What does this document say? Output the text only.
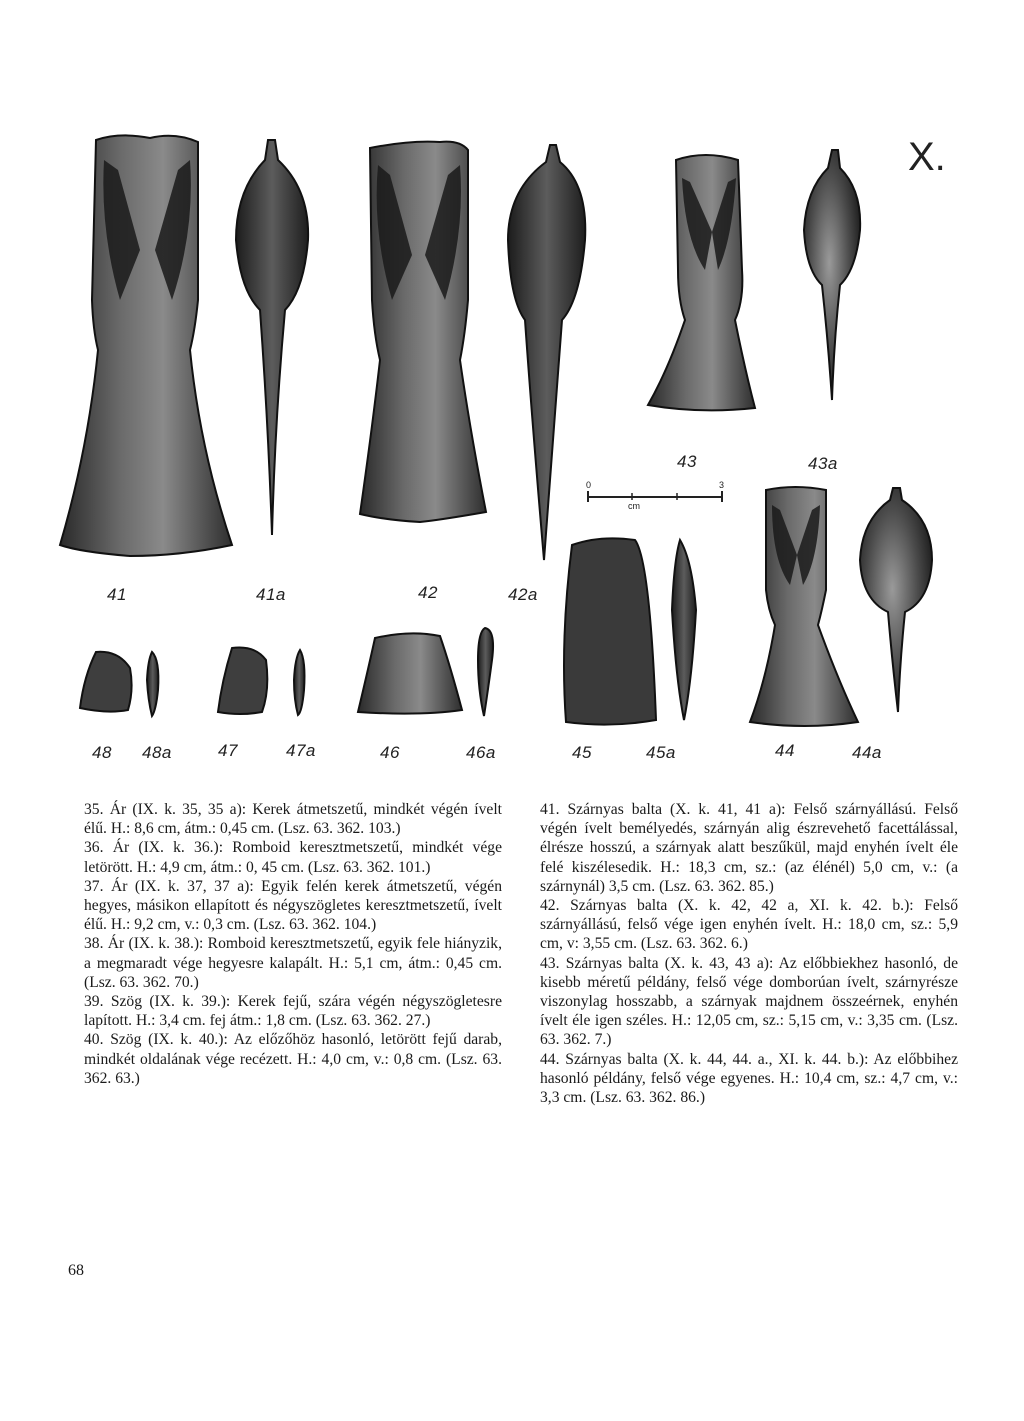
X.
0
cm
3
41	41a	42	42a
43	43a
48 48a	47	47a	46	46a	45	45a	44	44a

35. Ár (IX. k. 35, 35 a): Kerek átmetszetű, mindkét végén ívelt élű. H.: 8,6 cm, átm.: 0,45 cm. (Lsz. 63. 362. 103.)

36. Ár (IX. k. 36.): Romboid keresztmetszetű, mindkét vége letörött. H.: 4,9 cm, átm.: 0, 45 cm. (Lsz. 63. 362. 101.)

37. Ár (IX. k. 37, 37 a): Egyik felén kerek átmetszetű, végén hegyes, másikon ellapított és négyszögletes keresztmetszetű, ívelt élű. H.: 9,2 cm, v.: 0,3 cm. (Lsz. 63. 362. 104.)

38. Ár (IX. k. 38.): Romboid keresztmetszetű, egyik fele hiányzik, a megmaradt vége hegyesre kalapált. H.: 5,1 cm, átm.: 0,45 cm. (Lsz. 63. 362. 70.)

39. Szög (IX. k. 39.): Kerek fejű, szára végén négyszögletesre lapított. H.: 3,4 cm. fej átm.: 1,8 cm. (Lsz. 63. 362. 27.)

40. Szög (IX. k. 40.): Az előzőhöz hasonló, letörött fejű darab, mindkét oldalának vége recézett. H.: 4,0 cm, v.: 0,8 cm. (Lsz. 63. 362. 63.)

41. Szárnyas balta (X. k. 41, 41 a): Felső szárnyállású. Felső végén ívelt bemélyedés, szárnyán alig észrevehető facettálással, élrésze hosszú, a szárnyak alatt beszűkül, majd enyhén ívelt éle felé kiszélesedik. H.: 18,3 cm, sz.: (az élénél) 5,0 cm, v.: (a szárnynál) 3,5 cm. (Lsz. 63. 362. 85.)

42. Szárnyas balta (X. k. 42, 42 a, XI. k. 42. b.): Felső szárnyállású, felső vége igen enyhén ívelt. H.: 18,0 cm, sz.: 5,9 cm, v: 3,55 cm. (Lsz. 63. 362. 6.)

43. Szárnyas balta (X. k. 43, 43 a): Az előbbiekhez hasonló, de kisebb méretű példány, felső vége domborúan ívelt, szárnyrésze viszonylag hosszabb, a szárnyak majdnem összeérnek, enyhén ívelt éle igen széles. H.: 12,05 cm, sz.: 5,15 cm, v.: 3,35 cm. (Lsz. 63. 362. 7.)

44. Szárnyas balta (X. k. 44, 44. a., XI. k. 44. b.): Az előbbihez hasonló példány, felső vége egyenes. H.: 10,4 cm, sz.: 4,7 cm, v.: 3,3 cm. (Lsz. 63. 362. 86.)

68
